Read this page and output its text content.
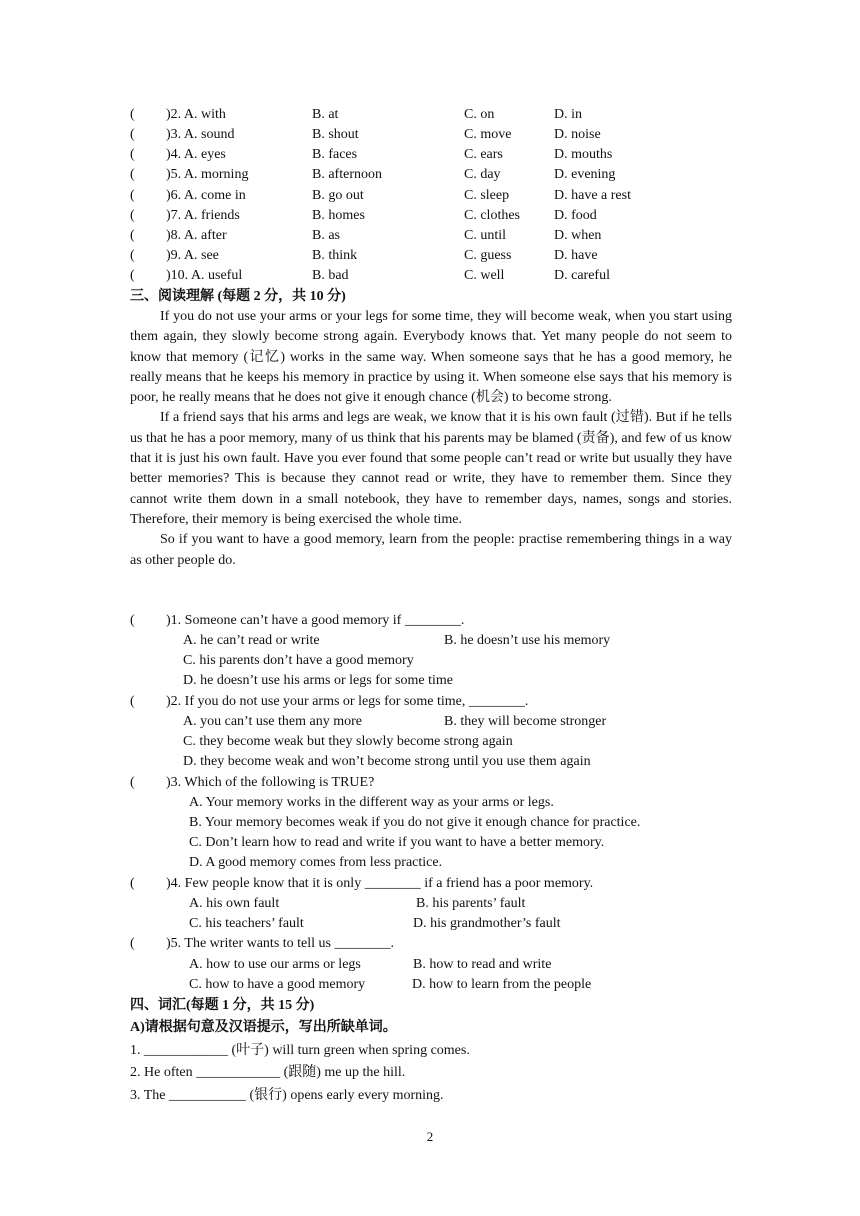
( )2. A. with	B. at	C. on	D. in
( )3. A. sound	B. shout	C. move	D. noise
( )4. A. eyes	B. faces	C. ears	D. mouths
( )5. A. morning	B. afternoon	C. day	D. evening
( )6. A. come in	B. go out	C. sleep	D. have a rest
( )7. A. friends	B. homes	C. clothes D. food
( )8. A. after	B. as	C. until	D. when
( )9. A. see	B. think	C. guess	D. have
( )10. A. useful	B. bad	C. well	D. careful
三、阅读理解 (每题 2 分，共 10 分)

If you do not use your arms or your legs for some time, they will become weak, when you start using them again, they slowly become strong again. Everybody knows that. Yet many people do not seem to know that memory (记忆) works in the same way. When someone says that he has a good memory, he really means that he keeps his memory in practice by using it. When someone else says that his memory is poor, he really means that he does not give it enough chance (机会) to become strong.

If a friend says that his arms and legs are weak, we know that it is his own fault (过错). But if he tells us that he has a poor memory, many of us think that his parents may be blamed (责备), and few of us know that it is just his own fault. Have you ever found that some people can’t read or write but usually they have better memories? This is because they cannot read or write, they have to remember them. Since they cannot write them down in a small notebook, they have to remember days, names, songs and stories. Therefore, their memory is being exercised the whole time.

So if you want to have a good memory, learn from the people: practise remembering things in a way as other people do.

( )1. Someone can’t have a good memory if ________.
A. he can’t read or write	B. he doesn’t use his memory
C. his parents don’t have a good memory
D. he doesn’t use his arms or legs for some time
( )2. If you do not use your arms or legs for some time, ________.
A. you can’t use them any more	B. they will become stronger
C. they become weak but they slowly become strong again
D. they become weak and won’t become strong until you use them again
( )3. Which of the following is TRUE?
A. Your memory works in the different way as your arms or legs.
B. Your memory becomes weak if you do not give it enough chance for practice.
C. Don’t learn how to read and write if you want to have a better memory.
D. A good memory comes from less practice.
( )4. Few people know that it is only ________ if a friend has a poor memory.
A. his own fault	B. his parents’ fault
C. his teachers’ fault	D. his grandmother’s fault
( )5. The writer wants to tell us ________.
A. how to use our arms or legs	B. how to read and write
C. how to have a good memory	D. how to learn from the people
四、词汇(每题 1 分，共 15 分)
A)请根据句意及汉语提示，写出所缺单词。
1. ____________ (叶子) will turn green when spring comes.
2. He often ____________ (跟随) me up the hill.
3. The ___________ (银行) opens early every morning.
2
